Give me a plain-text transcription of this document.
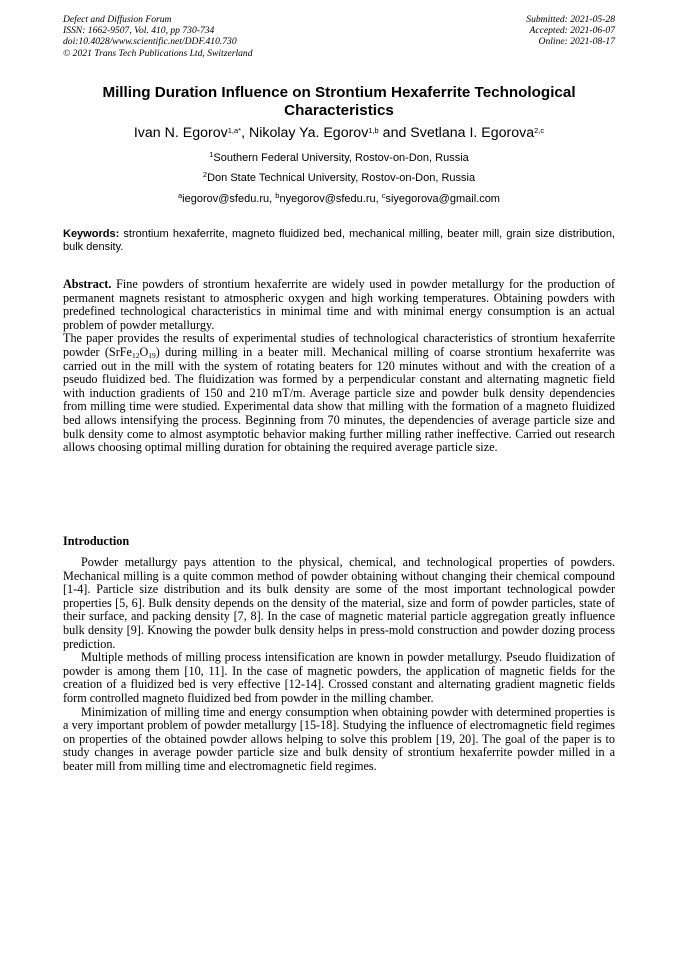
Defect and Diffusion Forum
ISSN: 1662-9507, Vol. 410, pp 730-734
doi:10.4028/www.scientific.net/DDF.410.730
© 2021 Trans Tech Publications Ltd, Switzerland
Submitted: 2021-05-28
Accepted: 2021-06-07
Online: 2021-08-17
Milling Duration Influence on Strontium Hexaferrite Technological Characteristics
Ivan N. Egorov$^{1,a*}$, Nikolay Ya. Egorov$^{1,b}$ and Svetlana I. Egorova$^{2,c}$
$^1$Southern Federal University, Rostov-on-Don, Russia
$^2$Don State Technical University, Rostov-on-Don, Russia
$^a$iegorov@sfedu.ru, $^b$nyegorov@sfedu.ru, $^c$siyegorova@gmail.com
Keywords: strontium hexaferrite, magneto fluidized bed, mechanical milling, beater mill, grain size distribution, bulk density.

Abstract. Fine powders of strontium hexaferrite are widely used in powder metallurgy for the production of permanent magnets resistant to atmospheric oxygen and high working temperatures. Obtaining powders with predefined technological characteristics in minimal time and with minimal energy consumption is an actual problem of powder metallurgy.

The paper provides the results of experimental studies of technological characteristics of strontium hexaferrite powder $(SrFe_{12}O_{19})$ during milling in a beater mill. Mechanical milling of coarse strontium hexaferrite was carried out in the mill with the system of rotating beaters for 120 minutes without and with the creation of a pseudo fluidized bed. The fluidization was formed by a perpendicular constant and alternating magnetic field with induction gradients of 150 and 210 mT/m. Average particle size and powder bulk density dependencies from milling time were studied. Experimental data show that milling with the formation of a magneto fluidized bed allows intensifying the process. Beginning from 70 minutes, the dependencies of average particle size and bulk density come to almost asymptotic behavior making further milling rather ineffective. Carried out research allows choosing optimal milling duration for obtaining the required average particle size.

Introduction

Powder metallurgy pays attention to the physical, chemical, and technological properties of powders. Mechanical milling is a quite common method of powder obtaining without changing their chemical compound [1-4]. Particle size distribution and its bulk density are some of the most important technological powder properties [5, 6]. Bulk density depends on the density of the material, size and form of powder particles, state of their surface, and packing density [7, 8]. In the case of magnetic material particle aggregation greatly influence bulk density [9]. Knowing the powder bulk density helps in press-mold construction and powder dozing process prediction.

Multiple methods of milling process intensification are known in powder metallurgy. Pseudo fluidization of powder is among them [10, 11]. In the case of magnetic powders, the application of magnetic fields for the creation of a fluidized bed is very effective [12-14]. Crossed constant and alternating gradient magnetic fields form controlled magneto fluidized bed from powder in the milling chamber.

Minimization of milling time and energy consumption when obtaining powder with determined properties is a very important problem of powder metallurgy [15-18]. Studying the influence of electromagnetic field regimes on properties of the obtained powder allows helping to solve this problem [19, 20]. The goal of the paper is to study changes in average powder particle size and bulk density of strontium hexaferrite powder milled in a beater mill from milling time and electromagnetic field regimes.
